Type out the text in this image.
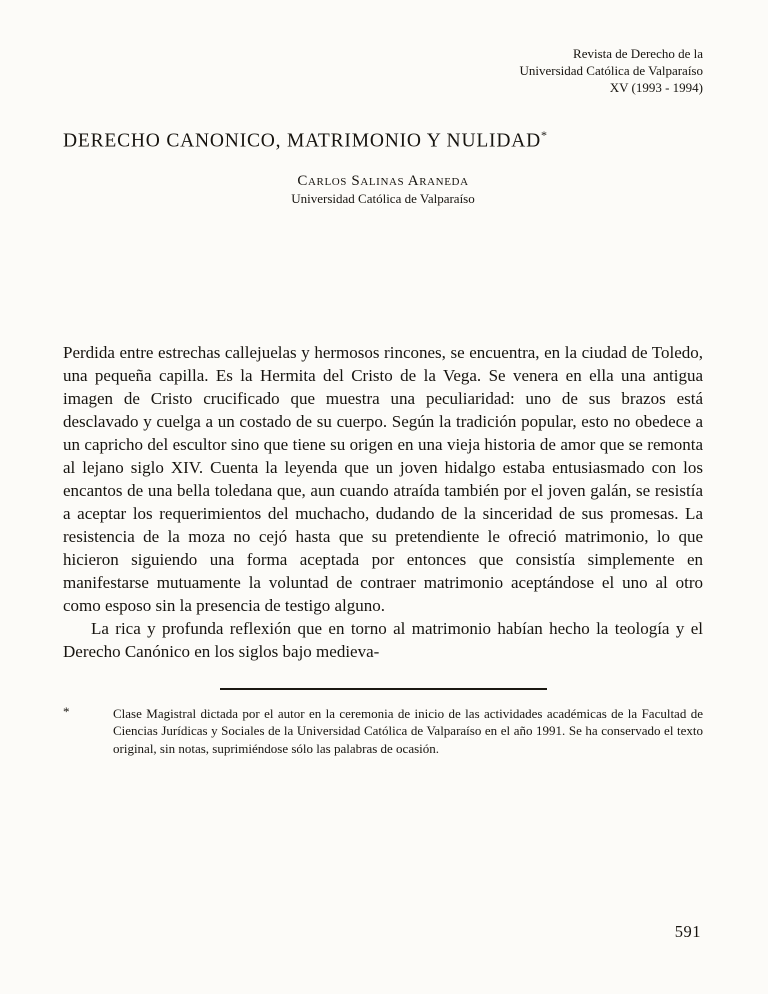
Revista de Derecho de la
Universidad Católica de Valparaíso
XV (1993 - 1994)
DERECHO CANONICO, MATRIMONIO Y NULIDAD*
Carlos Salinas Araneda
Universidad Católica de Valparaíso

Perdida entre estrechas callejuelas y hermosos rincones, se encuentra, en la ciudad de Toledo, una pequeña capilla. Es la Hermita del Cristo de la Vega. Se venera en ella una antigua imagen de Cristo crucificado que muestra una peculiaridad: uno de sus brazos está desclavado y cuelga a un costado de su cuerpo. Según la tradición popular, esto no obedece a un capricho del escultor sino que tiene su origen en una vieja historia de amor que se remonta al lejano siglo XIV. Cuenta la leyenda que un joven hidalgo estaba entusiasmado con los encantos de una bella toledana que, aun cuando atraída también por el joven galán, se resistía a aceptar los requerimientos del muchacho, dudando de la sinceridad de sus promesas. La resistencia de la moza no cejó hasta que su pretendiente le ofreció matrimonio, lo que hicieron siguiendo una forma aceptada por entonces que consistía simplemente en manifestarse mutuamente la voluntad de contraer matrimonio aceptándose el uno al otro como esposo sin la presencia de testigo alguno.

La rica y profunda reflexión que en torno al matrimonio habían hecho la teología y el Derecho Canónico en los siglos bajo medieva-

*	Clase Magistral dictada por el autor en la ceremonia de inicio de las actividades académicas de la Facultad de Ciencias Jurídicas y Sociales de la Universidad Católica de Valparaíso en el año 1991. Se ha conservado el texto original, sin notas, suprimiéndose sólo las palabras de ocasión.
591
